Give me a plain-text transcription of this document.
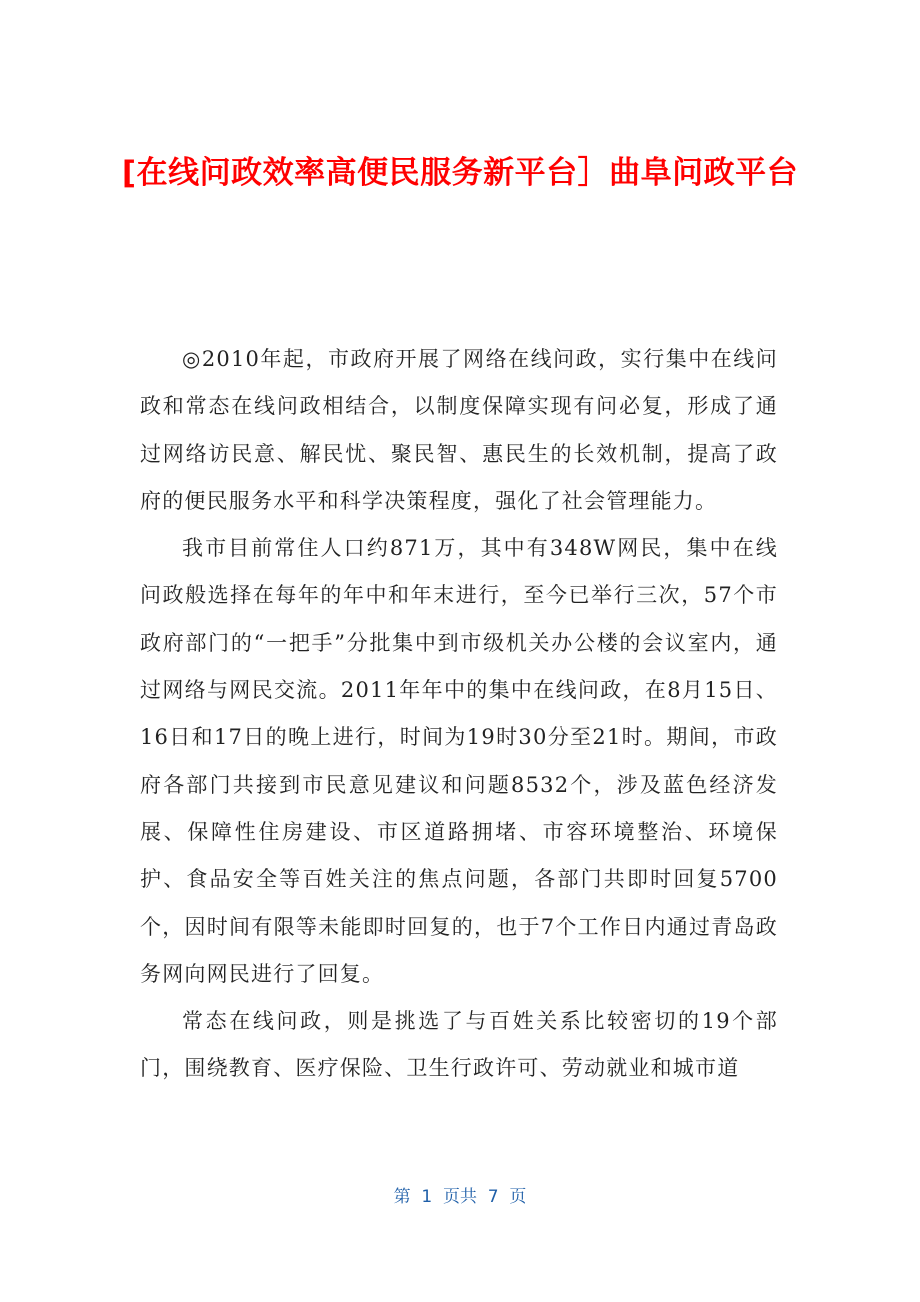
[在线问政效率高便民服务新平台］曲阜问政平台

◎2010年起，市政府开展了网络在线问政，实行集中在线问政和常态在线问政相结合，以制度保障实现有问必复，形成了通过网络访民意、解民忧、聚民智、惠民生的长效机制，提高了政府的便民服务水平和科学决策程度，强化了社会管理能力。

我市目前常住人口约871万，其中有348W网民，集中在线问政般选择在每年的年中和年末进行，至今已举行三次，57个市政府部门的“一把手”分批集中到市级机关办公楼的会议室内，通过网络与网民交流。2011年年中的集中在线问政，在8月15日、16日和17日的晚上进行，时间为19时30分至21时。期间，市政府各部门共接到市民意见建议和问题8532个，涉及蓝色经济发展、保障性住房建设、市区道路拥堵、市容环境整治、环境保护、食品安全等百姓关注的焦点问题，各部门共即时回复5700个，因时间有限等未能即时回复的，也于7个工作日内通过青岛政务网向网民进行了回复。

常态在线问政，则是挑选了与百姓关系比较密切的19个部门，围绕教育、医疗保险、卫生行政许可、劳动就业和城市道

第  1  页共  7  页
